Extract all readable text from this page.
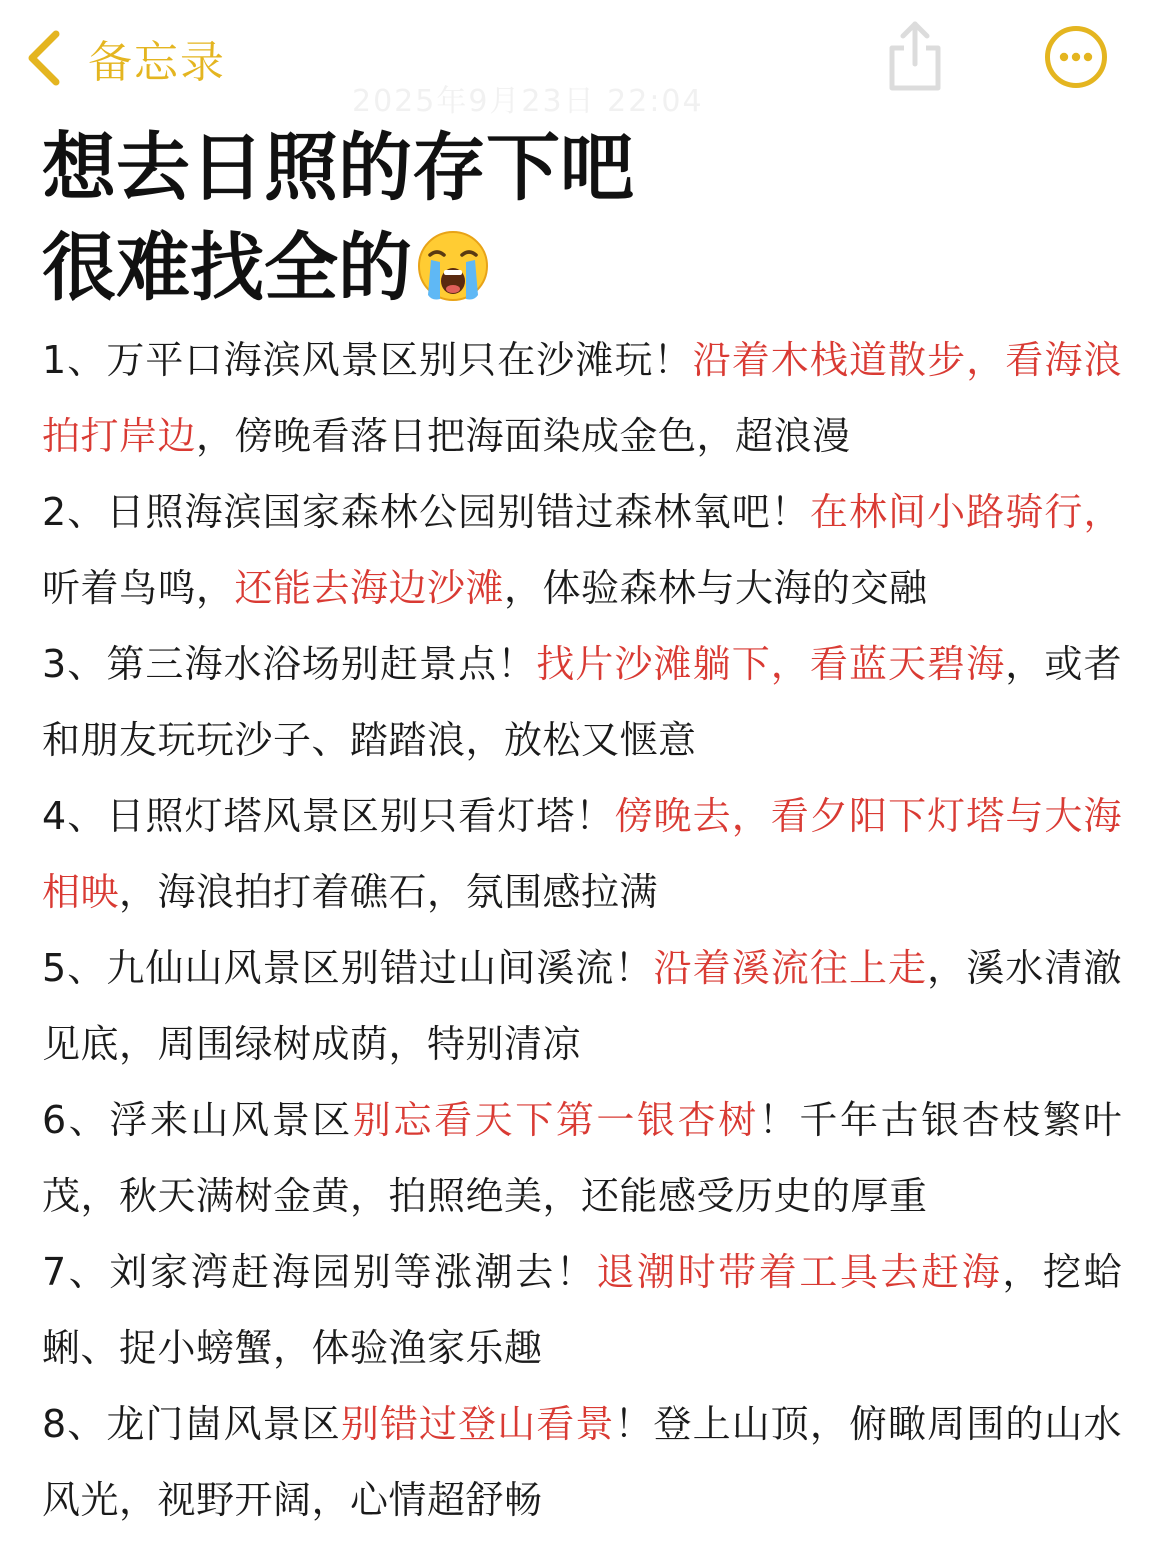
备忘录
2025年9月23日 22:04
想去日照的存下吧
很难找全的
1、万平口海滨风景区别只在沙滩玩！沿着木栈道散步，看海浪拍打岸边，傍晚看落日把海面染成金色，超浪漫
2、日照海滨国家森林公园别错过森林氧吧！在林间小路骑行，听着鸟鸣，还能去海边沙滩，体验森林与大海的交融
3、第三海水浴场别赶景点！找片沙滩躺下，看蓝天碧海，或者和朋友玩玩沙子、踏踏浪，放松又惬意
4、日照灯塔风景区别只看灯塔！傍晚去，看夕阳下灯塔与大海相映，海浪拍打着礁石，氛围感拉满
5、九仙山风景区别错过山间溪流！沿着溪流往上走，溪水清澈见底，周围绿树成荫，特别清凉
6、浮来山风景区别忘看天下第一银杏树！千年古银杏枝繁叶茂，秋天满树金黄，拍照绝美，还能感受历史的厚重
7、刘家湾赶海园别等涨潮去！退潮时带着工具去赶海，挖蛤蜊、捉小螃蟹，体验渔家乐趣
8、龙门崮风景区别错过登山看景！登上山顶，俯瞰周围的山水风光，视野开阔，心情超舒畅
